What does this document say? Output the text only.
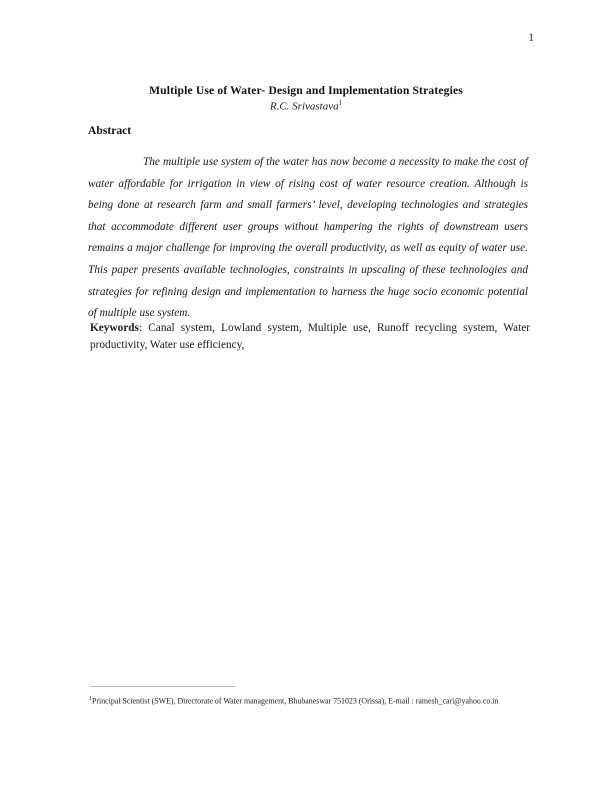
1
Multiple Use of Water- Design and Implementation Strategies

R.C. Srivastava$^1$

Abstract

The multiple use system of the water has now become a necessity to make the cost of water affordable for irrigation in view of rising cost of water resource creation. Although is being done at research farm and small farmers’ level, developing technologies and strategies that accommodate different user groups without hampering the rights of downstream users remains a major challenge for improving the overall productivity, as well as equity of water use. This paper presents available technologies, constraints in upscaling of these technologies and strategies for refining design and implementation to harness the huge socio economic potential of multiple use system.

Keywords: Canal system, Lowland system, Multiple use, Runoff recycling system, Water productivity, Water use efficiency,

$^1$Principal Scientist (SWE), Directorate of Water management, Bhubaneswar 751023 (Orissa), E-mail : ramesh_cari@yahoo.co.in
